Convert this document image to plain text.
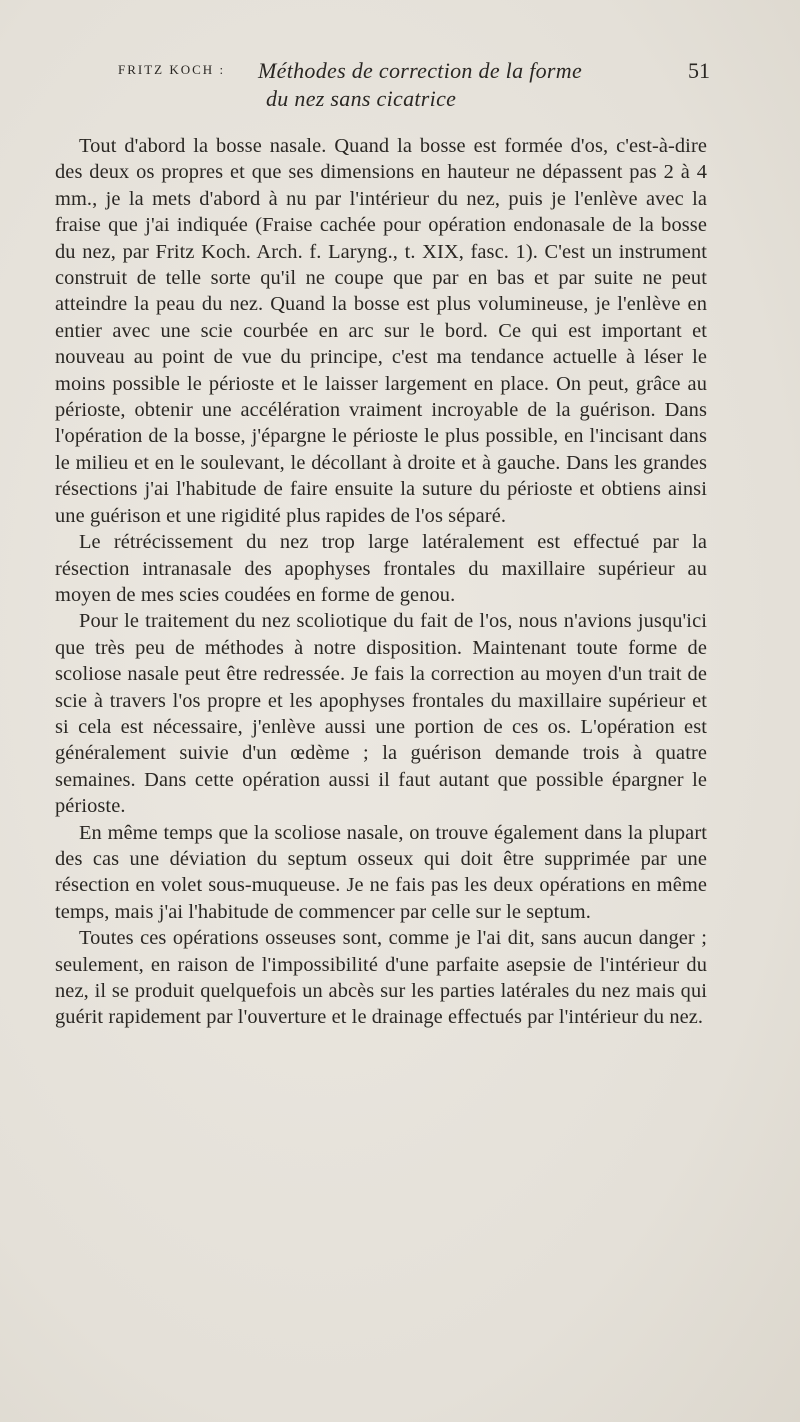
FRITZ KOCH : Méthodes de correction de la forme
du nez sans cicatrice
51

Tout d'abord la bosse nasale. Quand la bosse est formée d'os, c'est-à-dire des deux os propres et que ses dimensions en hauteur ne dépassent pas 2 à 4 mm., je la mets d'abord à nu par l'intérieur du nez, puis je l'enlève avec la fraise que j'ai indiquée (Fraise cachée pour opération endonasale de la bosse du nez, par Fritz Koch. Arch. f. Laryng., t. XIX, fasc. 1). C'est un instrument construit de telle sorte qu'il ne coupe que par en bas et par suite ne peut atteindre la peau du nez. Quand la bosse est plus volumineuse, je l'enlève en entier avec une scie courbée en arc sur le bord. Ce qui est important et nouveau au point de vue du principe, c'est ma tendance actuelle à léser le moins possible le périoste et le laisser largement en place. On peut, grâce au périoste, obtenir une accélération vraiment incroyable de la guérison. Dans l'opération de la bosse, j'épargne le périoste le plus possible, en l'incisant dans le milieu et en le soulevant, le décollant à droite et à gauche. Dans les grandes résections j'ai l'habitude de faire ensuite la suture du périoste et obtiens ainsi une guérison et une rigidité plus rapides de l'os séparé.

Le rétrécissement du nez trop large latéralement est effectué par la résection intranasale des apophyses frontales du maxillaire supérieur au moyen de mes scies coudées en forme de genou.

Pour le traitement du nez scoliotique du fait de l'os, nous n'avions jusqu'ici que très peu de méthodes à notre disposition. Maintenant toute forme de scoliose nasale peut être redressée. Je fais la correction au moyen d'un trait de scie à travers l'os propre et les apophyses frontales du maxillaire supérieur et si cela est nécessaire, j'enlève aussi une portion de ces os. L'opération est généralement suivie d'un œdème ; la guérison demande trois à quatre semaines. Dans cette opération aussi il faut autant que possible épargner le périoste.

En même temps que la scoliose nasale, on trouve également dans la plupart des cas une déviation du septum osseux qui doit être supprimée par une résection en volet sous-muqueuse. Je ne fais pas les deux opérations en même temps, mais j'ai l'habitude de commencer par celle sur le septum.

Toutes ces opérations osseuses sont, comme je l'ai dit, sans aucun danger ; seulement, en raison de l'impossibilité d'une parfaite asepsie de l'intérieur du nez, il se produit quelquefois un abcès sur les parties latérales du nez mais qui guérit rapidement par l'ouverture et le drainage effectués par l'intérieur du nez.
